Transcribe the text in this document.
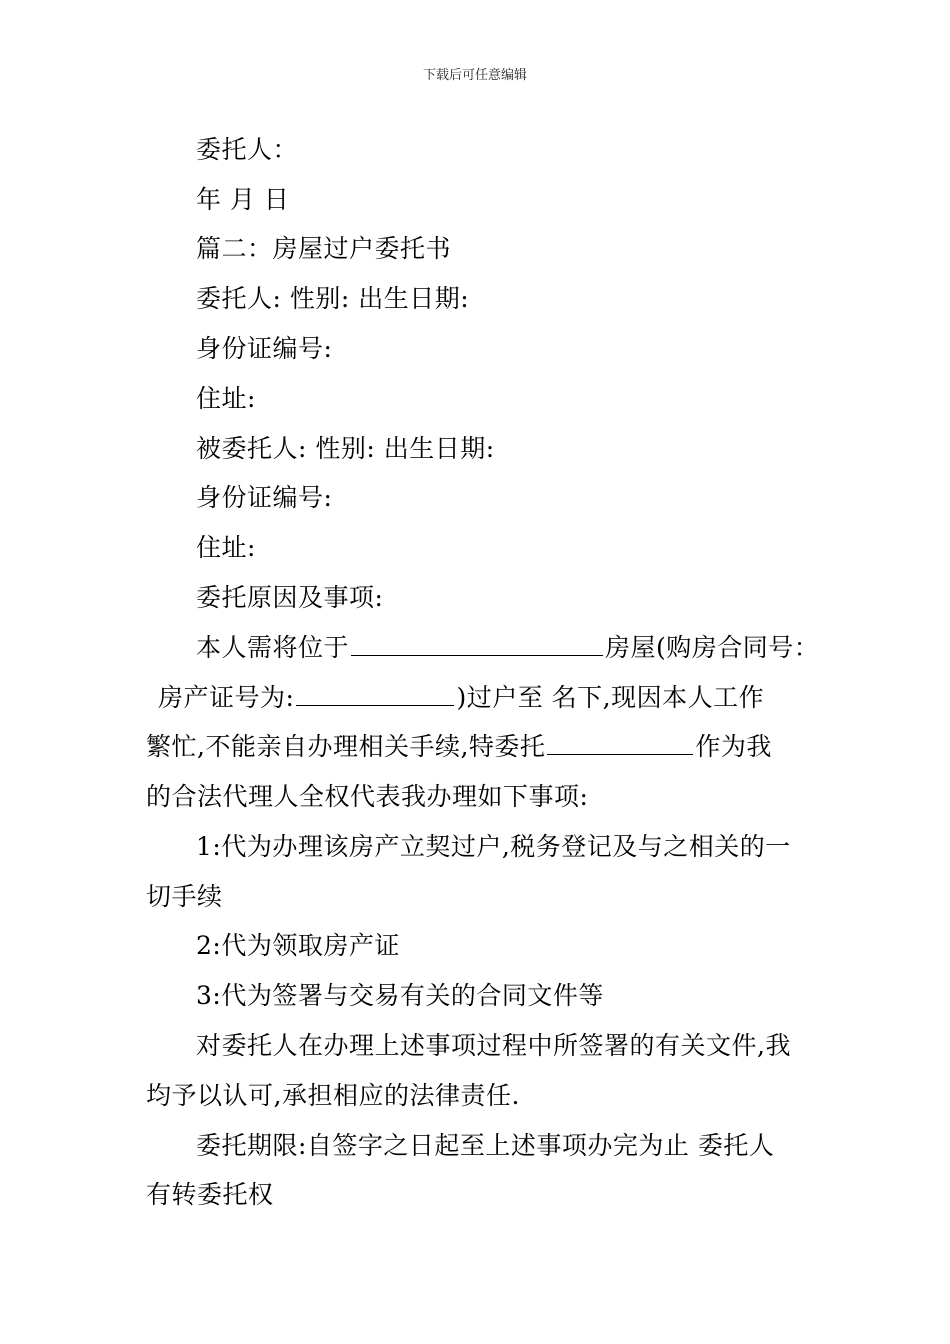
下载后可任意编辑
委托人：
年 月 日
篇二：房屋过户委托书
委托人: 性别: 出生日期:
身份证编号:
住址:
被委托人: 性别: 出生日期:
身份证编号:
住址:
委托原因及事项:
本人需将位于	房屋(购房合同号：
房产证号为:	)过户至 名下,现因本人工作
繁忙,不能亲自办理相关手续,特委托	作为我
的合法代理人全权代表我办理如下事项:
1:代为办理该房产立契过户,税务登记及与之相关的一
切手续
2:代为领取房产证
3:代为签署与交易有关的合同文件等
对委托人在办理上述事项过程中所签署的有关文件,我
均予以认可,承担相应的法律责任.
委托期限:自签字之日起至上述事项办完为止 委托人
有转委托权
